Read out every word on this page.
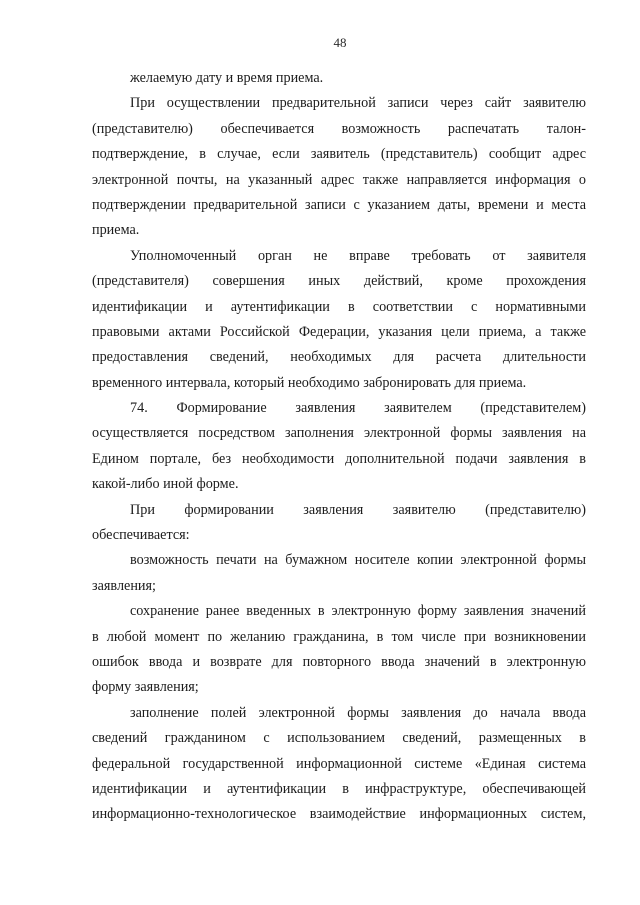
48
желаемую дату и время приема.
При осуществлении предварительной записи через сайт заявителю
(представителю) обеспечивается возможность распечатать талон-
подтверждение, в случае, если заявитель (представитель) сообщит адрес
электронной почты, на указанный адрес также направляется информация о
подтверждении предварительной записи с указанием даты, времени и места
приема.
Уполномоченный орган не вправе требовать от заявителя
(представителя) совершения иных действий, кроме прохождения
идентификации и аутентификации в соответствии с нормативными
правовыми актами Российской Федерации, указания цели приема, а также
предоставления сведений, необходимых для расчета длительности
временного интервала, который необходимо забронировать для приема.
74. Формирование заявления заявителем (представителем)
осуществляется посредством заполнения электронной формы заявления на
Едином портале, без необходимости дополнительной подачи заявления в
какой-либо иной форме.
При формировании заявления заявителю (представителю)
обеспечивается:
возможность печати на бумажном носителе копии электронной формы
заявления;
сохранение ранее введенных в электронную форму заявления значений
в любой момент по желанию гражданина, в том числе при возникновении
ошибок ввода и возврате для повторного ввода значений в электронную
форму заявления;
заполнение полей электронной формы заявления до начала ввода
сведений гражданином с использованием сведений, размещенных в
федеральной государственной информационной системе «Единая система
идентификации и аутентификации в инфраструктуре, обеспечивающей
информационно-технологическое взаимодействие информационных систем,
